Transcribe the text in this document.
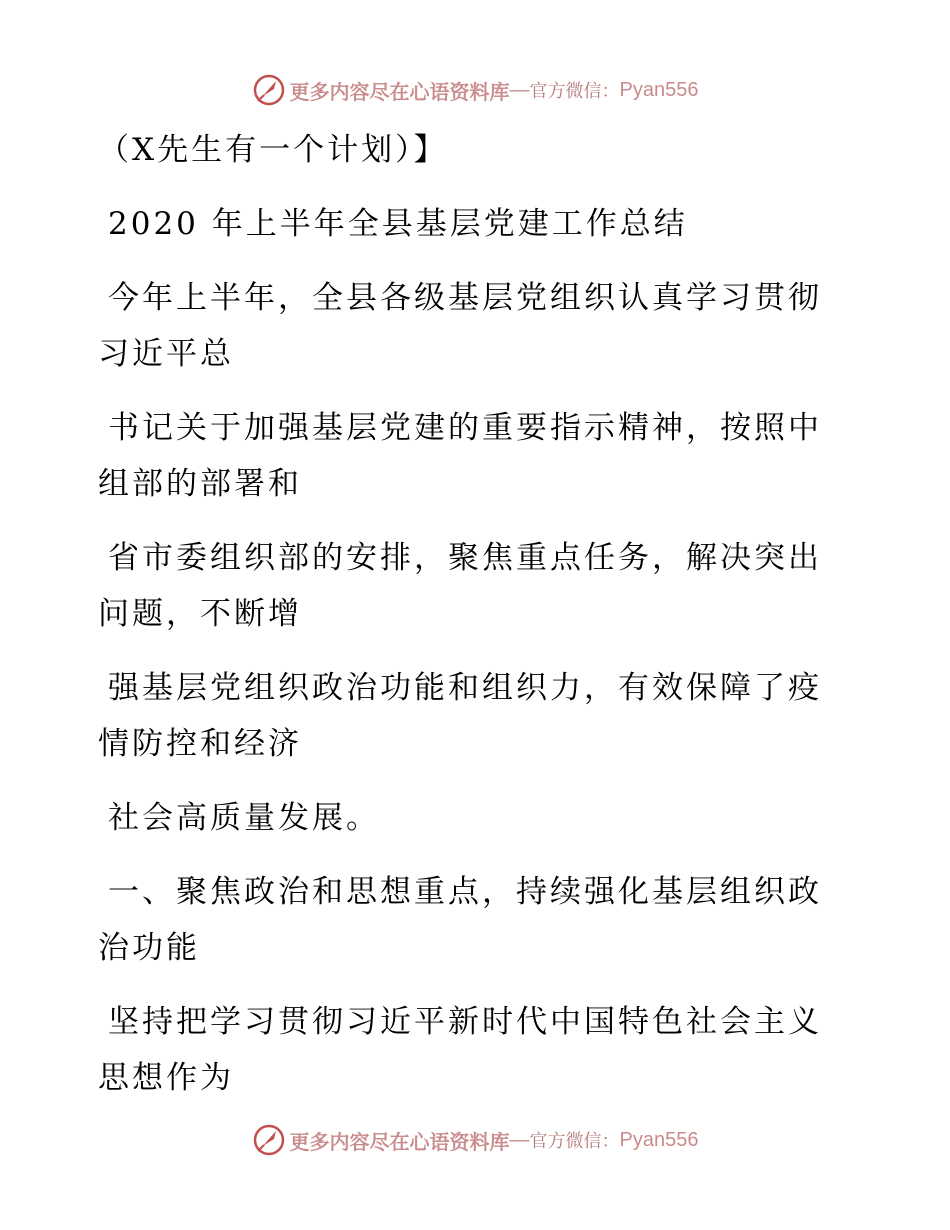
更多内容尽在心语资料库 — 官方微信： Pyan556
（X先生有一个计划）】
2020 年上半年全县基层党建工作总结
今年上半年，全县各级基层党组织认真学习贯彻
习近平总
书记关于加强基层党建的重要指示精神，按照中
组部的部署和
省市委组织部的安排，聚焦重点任务，解决突出
问题，不断增
强基层党组织政治功能和组织力，有效保障了疫
情防控和经济
社会高质量发展。
一、聚焦政治和思想重点，持续强化基层组织政
治功能
坚持把学习贯彻习近平新时代中国特色社会主义
思想作为
更多内容尽在心语资料库 — 官方微信： Pyan556
